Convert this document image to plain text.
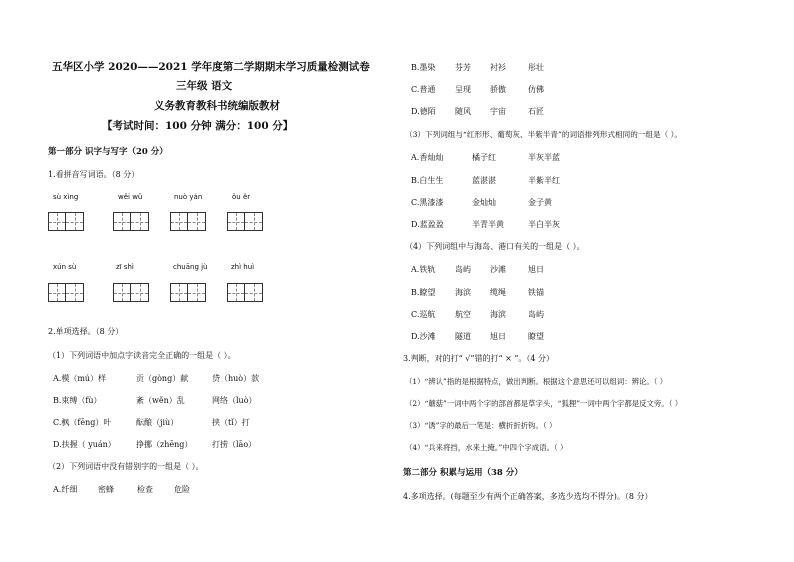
五华区小学 2020——2021 学年度第二学期期末学习质量检测试卷
三年级 语文
义务教育教科书统编版教材
【考试时间：100 分钟 满分：100 分】
第一部分 识字与写字（20 分）
1.看拼音写词语。（8 分）
sù xìng	wěi wǔ	nuò yán	ǒu ěr
xún sù	zī shì	chuāng jù	zhì huì
2.单项选择。（8 分）
（1）下列词语中加点字读音完全正确的一组是（ ）。
A.模（mú）样	贡（gòng）献	贷（huò）款
B.束缚（fù）	紊（wěn）乱	网络（luò）
C.枫（fēng）叶	酝酿（jiù）	挟（tǐ）打
D.扶握（ yuán）	挣挪（zhēng） 打捞（lāo）
（2）下列词语中没有错别字的一组是（ ）。
A.纤细	密蜂	检查	危险
B.墨染 芬芳 衬衫	彤壮
C.普通 呈现 骄傲	仿佛
D.德陌 随风 宇宙	石匠
（3）下列词组与“红形形、葡萄灰、半紫半青”的词语排列形式相同的一组是（ ）。
A.香灿灿	橘子红	半灰半蓝
B.白生生	蓝湛湛	半紫半红
C.黑漆漆	金灿灿	金子黄
D.蓝盈盈	半青半黄	半白半灰
（4）下列词组中与海岛、港口有关的一组是（ ）。
A.铁轨 岛屿 沙滩	旭日
B.瞭望 海滨 缆绳	铁锚
C.巡航 航空 海滨	岛屿
D.沙滩 隧道 旭日	瞭望
3.判断，对的打“ √”错的打“ × ”。（4 分）
（1）“辨认”指的是根据特点，做出判断。根据这个意思还可以组词：辨论。（ ）
（2）“蘑菇”一词中两个字的部首都是草字头，“狐狸”一词中两个字都是反文旁。（ ）
（3）“诱”字的最后一笔是：横折折折钩。（ ）
（4）“兵来将挡，水来土掩。”中四个字成语。（ ）
第二部分 积累与运用（38 分）
4.多项选择。(每题至少有两个正确答案，多选少选均不得分)。（8 分）
